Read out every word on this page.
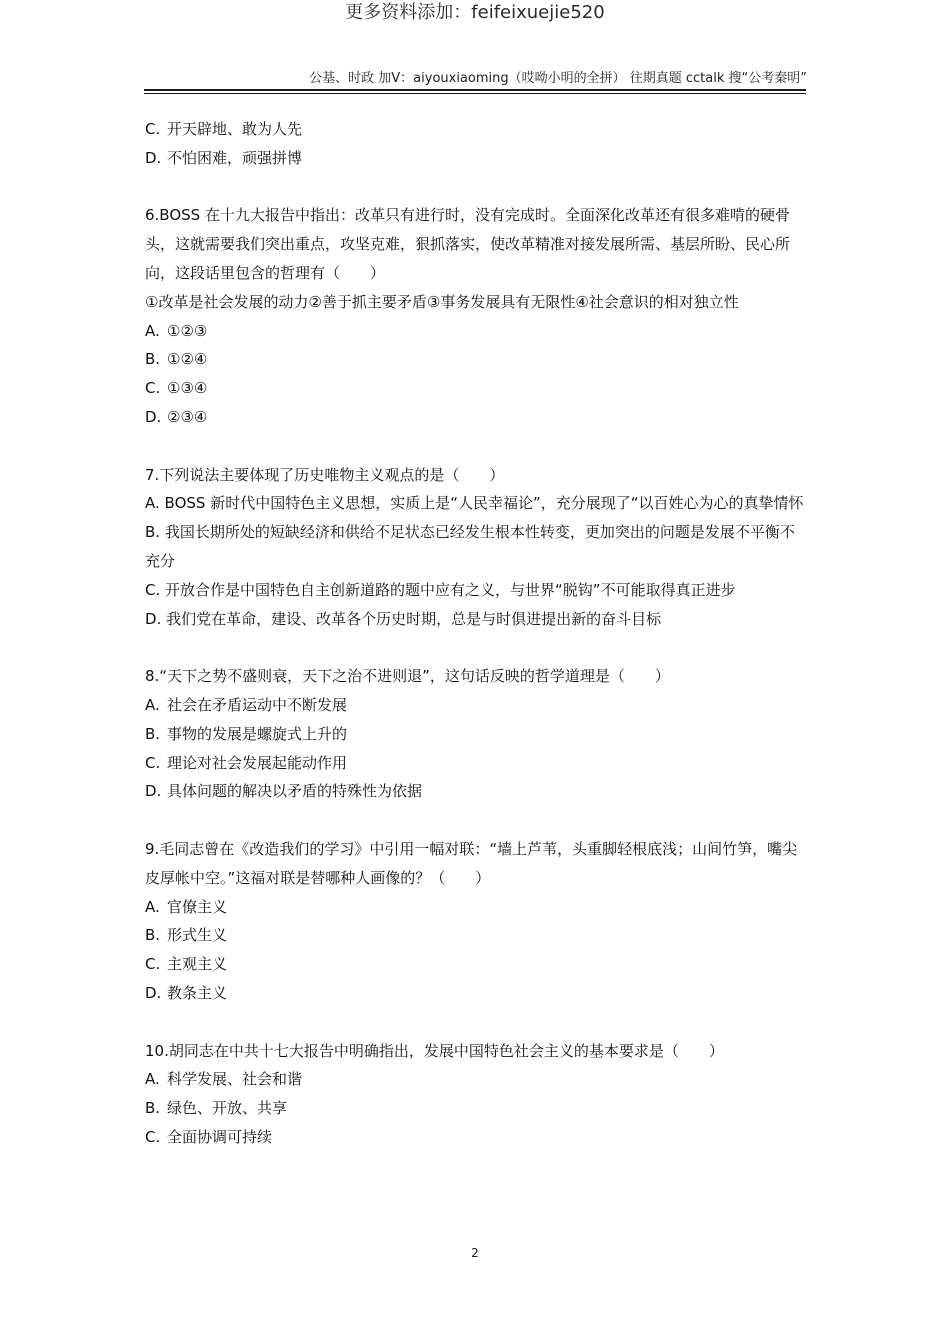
更多资料添加：feifeixuejie520
公基、时政 加V：aiyouxiaoming（哎呦小明的全拼） 往期真题 cctalk 搜“公考秦明”

C. 开天辟地、敢为人先

D. 不怕困难，顽强拼博

6.BOSS 在十九大报告中指出：改革只有进行时，没有完成时。全面深化改革还有很多难啃的硬骨头，这就需要我们突出重点，攻坚克难，狠抓落实，使改革精准对接发展所需、基层所盼、民心所向，这段话里包含的哲理有（　　）

①改革是社会发展的动力②善于抓主要矛盾③事务发展具有无限性④社会意识的相对独立性

A. ①②③

B. ①②④

C. ①③④

D. ②③④

7.下列说法主要体现了历史唯物主义观点的是（　　）

A. BOSS 新时代中国特色主义思想，实质上是“人民幸福论”，充分展现了“以百姓心为心的真挚情怀

B. 我国长期所处的短缺经济和供给不足状态已经发生根本性转变，更加突出的问题是发展不平衡不充分

C. 开放合作是中国特色自主创新道路的题中应有之义，与世界“脱钩”不可能取得真正进步

D. 我们党在革命，建设、改革各个历史时期，总是与时俱进提出新的奋斗目标

8.“天下之势不盛则衰，天下之治不进则退”，这句话反映的哲学道理是（　　）

A. 社会在矛盾运动中不断发展

B. 事物的发展是螺旋式上升的

C. 理论对社会发展起能动作用

D. 具体问题的解决以矛盾的特殊性为依据

9.毛同志曾在《改造我们的学习》中引用一幅对联：“墙上芦苇，头重脚轻根底浅；山间竹笋，嘴尖皮厚帐中空。”这福对联是替哪种人画像的？（　　）

A. 官僚主义

B. 形式生义

C. 主观主义

D. 教条主义

10.胡同志在中共十七大报告中明确指出，发展中国特色社会主义的基本要求是（　　）

A. 科学发展、社会和谐

B. 绿色、开放、共享

C. 全面协调可持续

2
